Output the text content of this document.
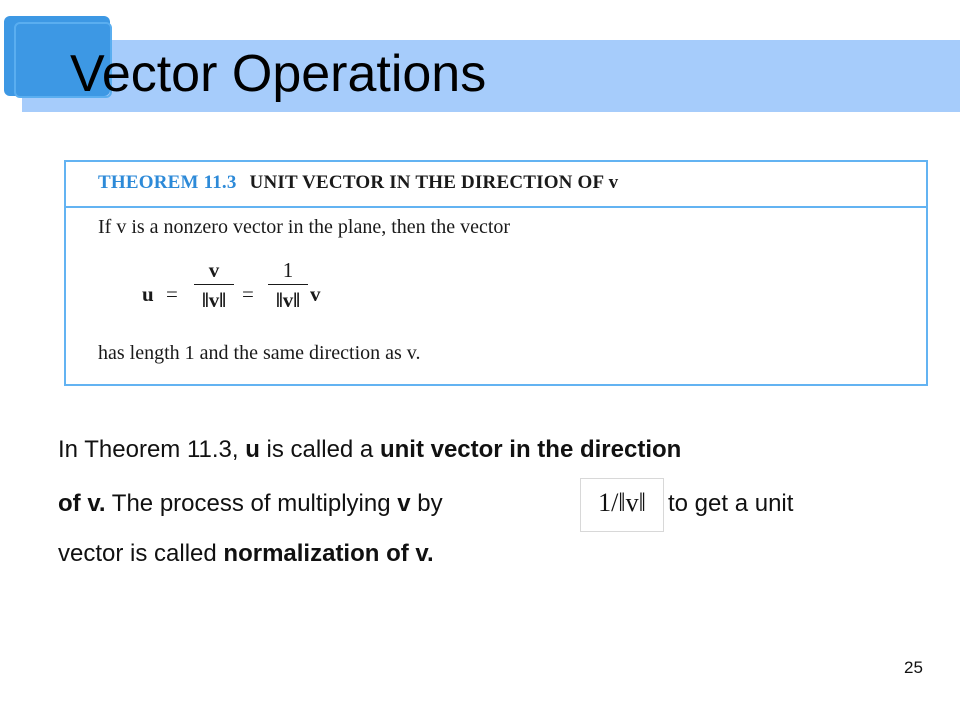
Vector Operations
THEOREM 11.3 UNIT VECTOR IN THE DIRECTION OF v
If v is a nonzero vector in the plane, then the vector
u =
v
‖v‖ =
1
‖v‖ v
has length 1 and the same direction as v.
In Theorem 11.3, u is called a unit vector in the direction
of v. The process of multiplying v by	to get a unit
1/‖v‖
vector is called normalization of v.
25
